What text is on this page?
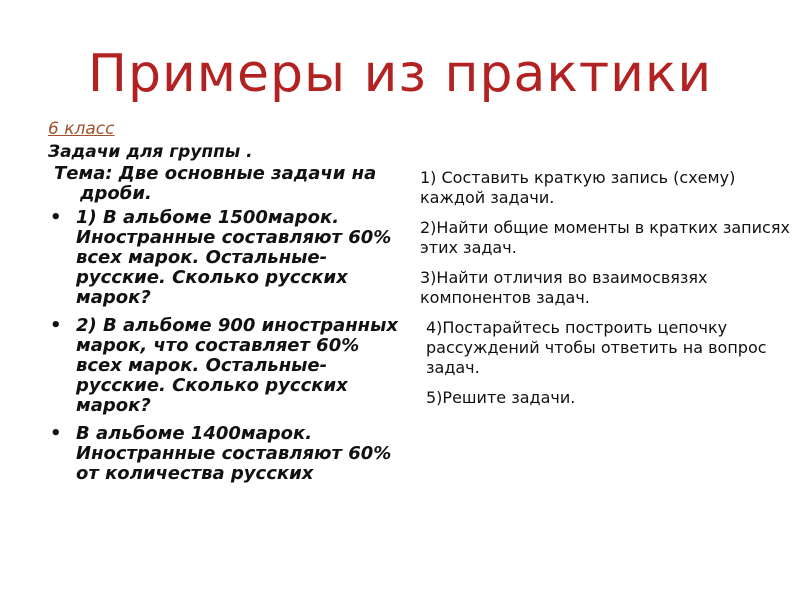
Примеры из практики
6 класс
Задачи для группы .
Тема: Две основные задачи на дроби.
• 1) В альбоме 1500марок. Иностранные составляют 60% всех марок. Остальные-русские. Сколько русских марок?
• 2) В альбоме 900 иностранных марок, что составляет 60% всех марок. Остальные-русские. Сколько русских марок?
• В альбоме 1400марок. Иностранные составляют 60% от количества русских
1) Составить краткую запись (схему) каждой задачи.
2)Найти общие моменты в кратких записях этих задач.
3)Найти отличия во взаимосвязях компонентов задач.
4)Постарайтесь построить цепочку рассуждений чтобы ответить на вопрос задач.
5)Решите задачи.
